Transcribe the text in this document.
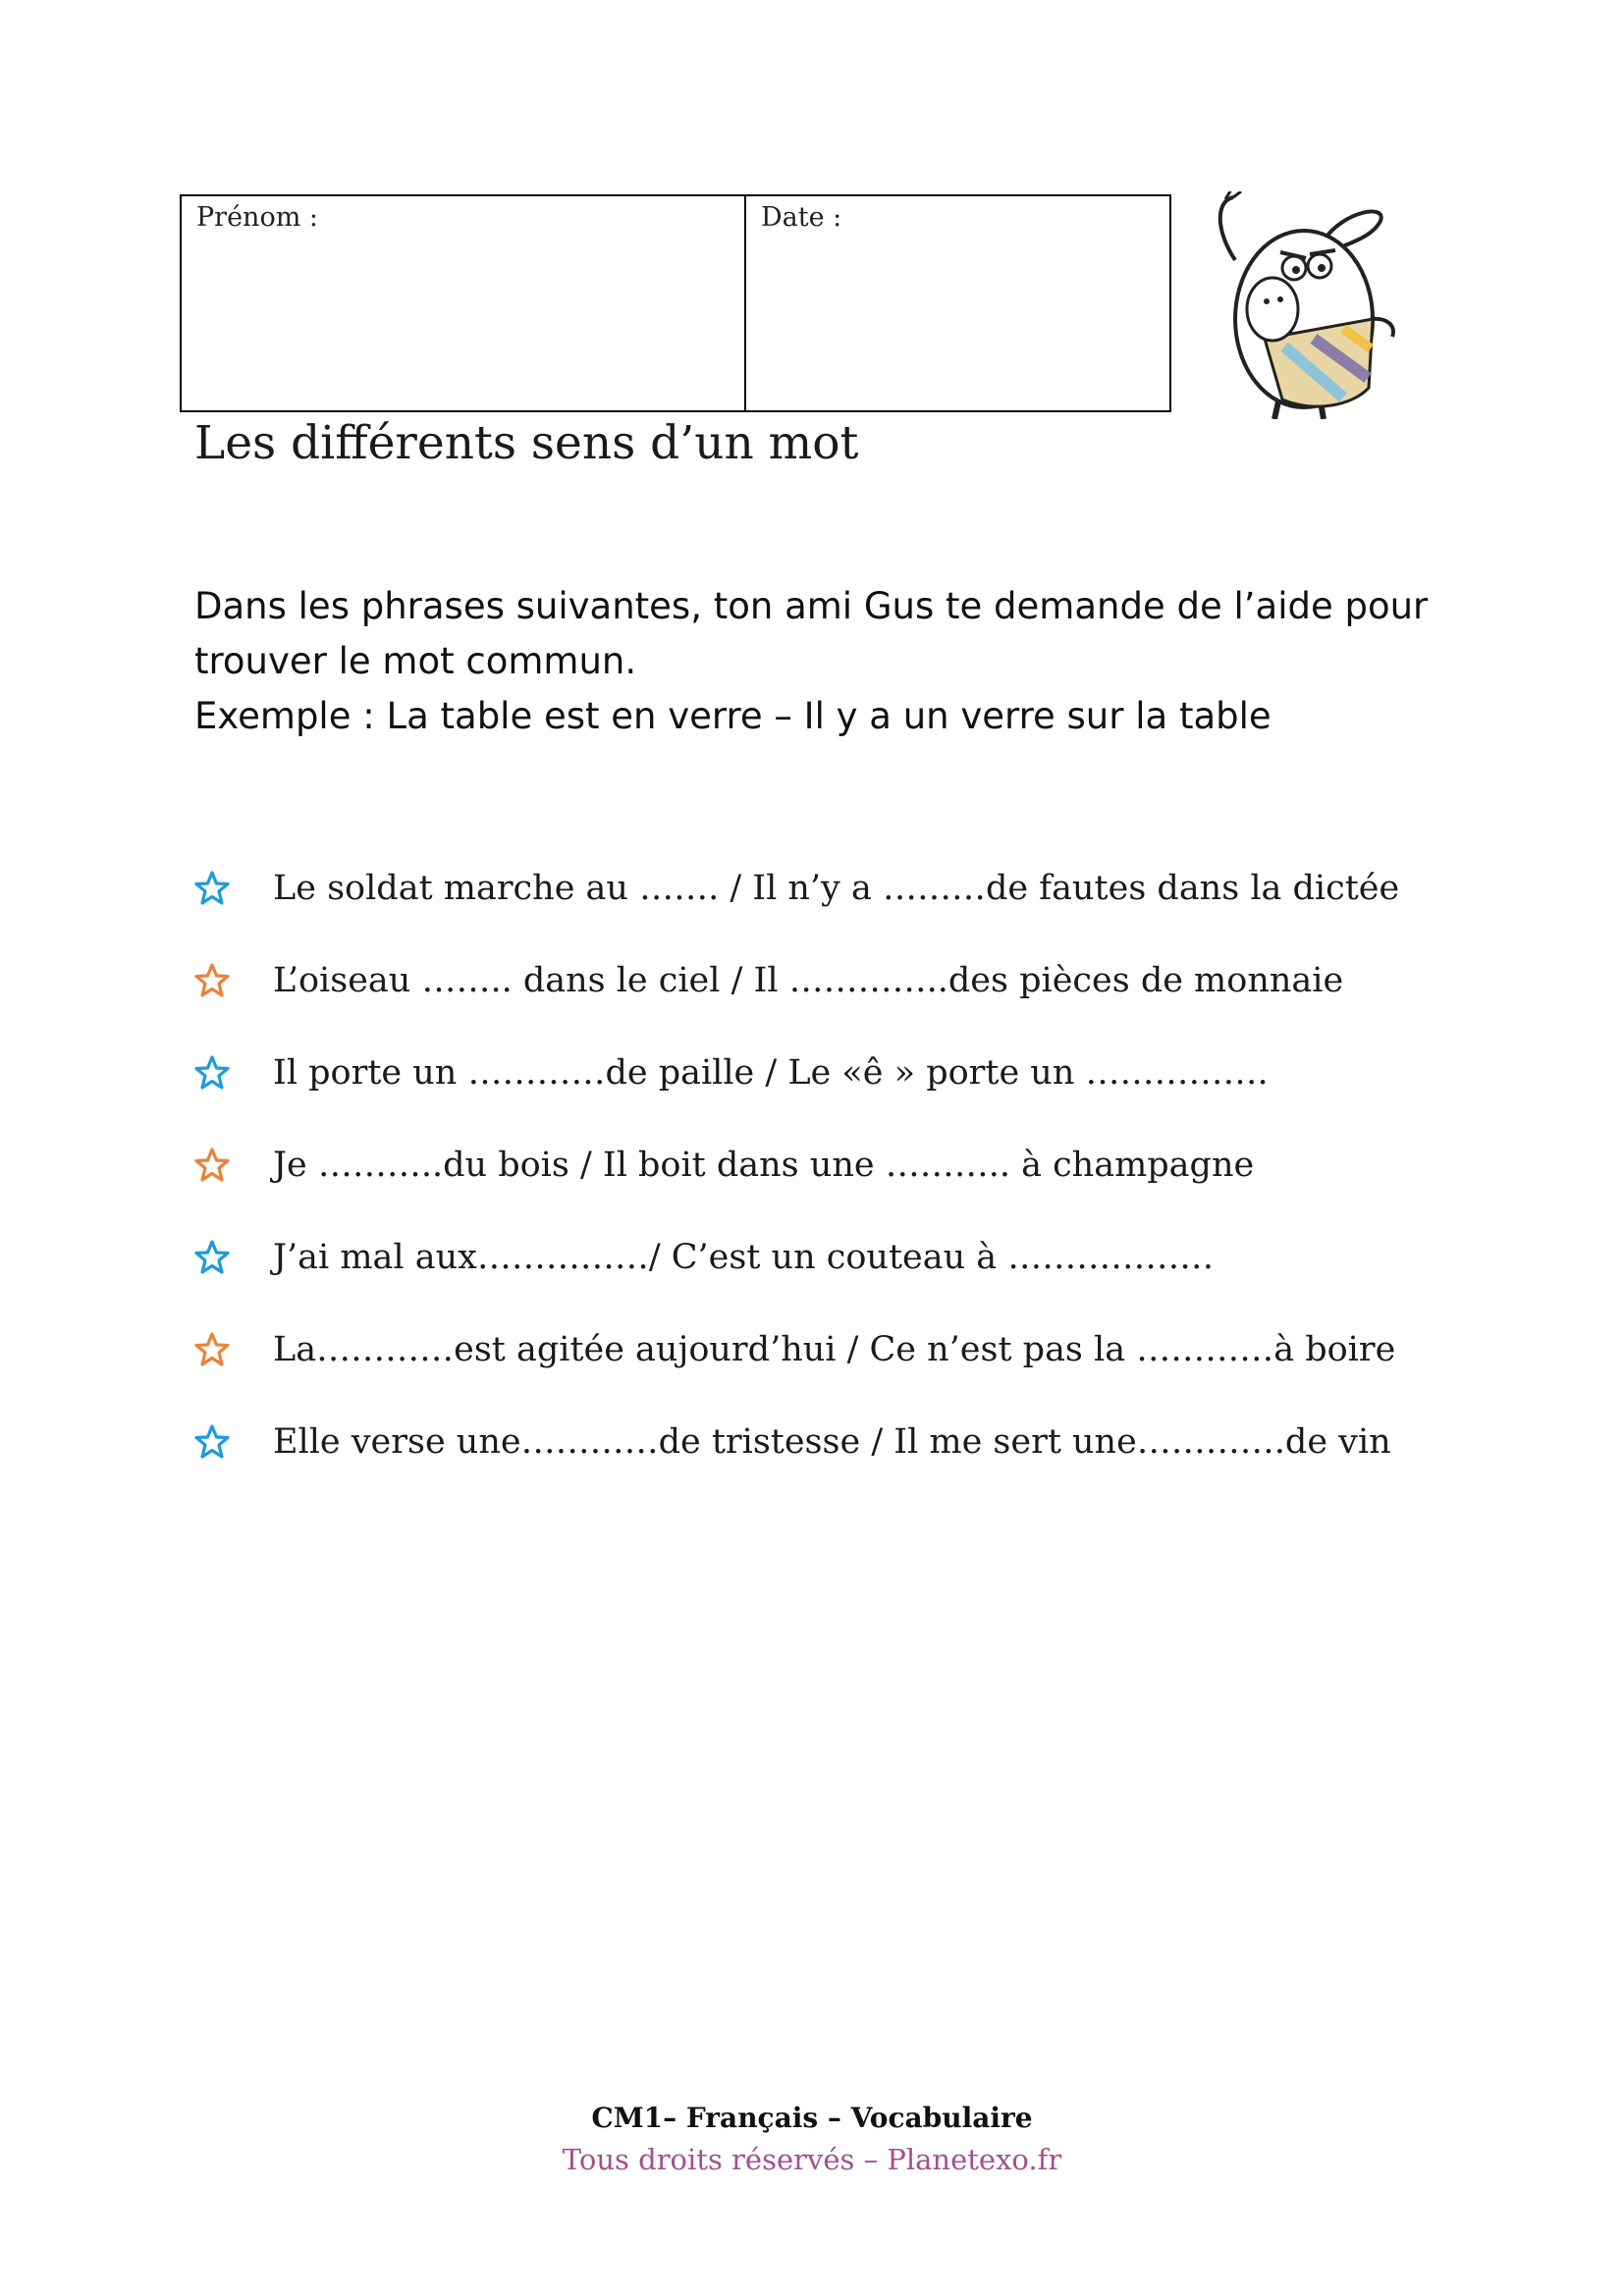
Prénom :	Date :
Les différents sens d’un mot
Dans les phrases suivantes, ton ami Gus te demande de l’aide pour
trouver le mot commun.
Exemple : La table est en verre – Il y a un verre sur la table
Le soldat marche au ……. / Il n’y a ………de fautes dans la dictée
L’oiseau …….. dans le ciel / Il …………..des pièces de monnaie
Il porte un …………de paille / Le «ê » porte un …………….
Je ………..du bois / Il boit dans une ……….. à champagne
J’ai mal aux……………/ C’est un couteau à ………………
La…………est agitée aujourd’hui / Ce n’est pas la …………à boire
Elle verse une…………de tristesse / Il me sert une………….de vin
CM1– Français – Vocabulaire
Tous droits réservés – Planetexo.fr
